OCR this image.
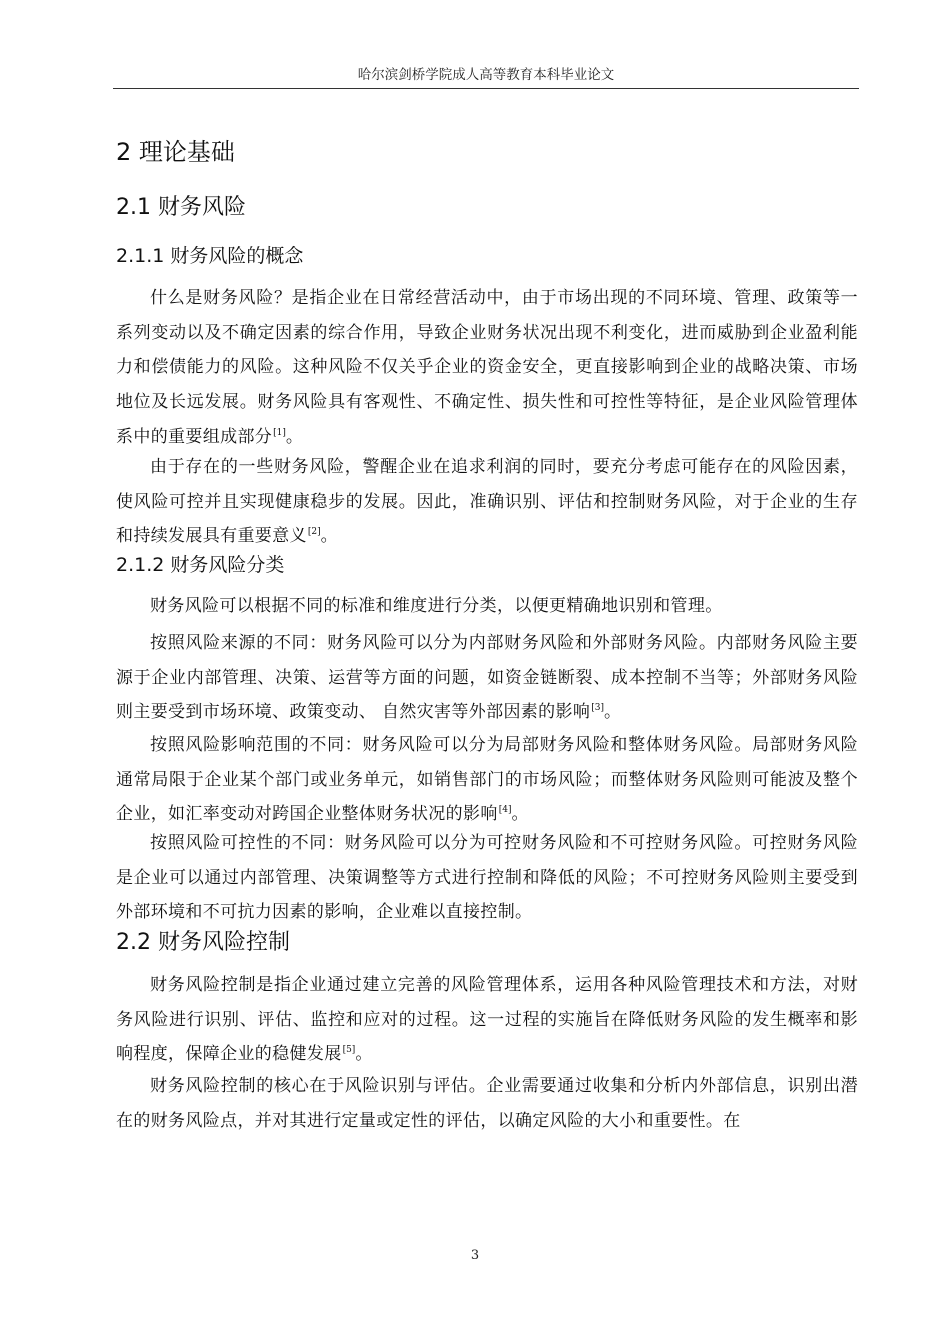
哈尔滨剑桥学院成人高等教育本科毕业论文
2 理论基础
2.1 财务风险
2.1.1 财务风险的概念
什么是财务风险？是指企业在日常经营活动中，由于市场出现的不同环境、管理、政策等一系列变动以及不确定因素的综合作用，导致企业财务状况出现不利变化，进而威胁到企业盈利能力和偿债能力的风险。这种风险不仅关乎企业的资金安全，更直接影响到企业的战略决策、市场地位及长远发展。财务风险具有客观性、不确定性、损失性和可控性等特征，是企业风险管理体系中的重要组成部分[1]。
由于存在的一些财务风险，警醒企业在追求利润的同时，要充分考虑可能存在的风险因素，使风险可控并且实现健康稳步的发展。因此，准确识别、评估和控制财务风险，对于企业的生存和持续发展具有重要意义[2]。
2.1.2 财务风险分类
财务风险可以根据不同的标准和维度进行分类，以便更精确地识别和管理。
按照风险来源的不同：财务风险可以分为内部财务风险和外部财务风险。内部财务风险主要源于企业内部管理、决策、运营等方面的问题，如资金链断裂、成本控制不当等；外部财务风险则主要受到市场环境、政策变动、 自然灾害等外部因素的影响[3]。
按照风险影响范围的不同：财务风险可以分为局部财务风险和整体财务风险。局部财务风险通常局限于企业某个部门或业务单元，如销售部门的市场风险；而整体财务风险则可能波及整个企业，如汇率变动对跨国企业整体财务状况的影响[4]。
按照风险可控性的不同：财务风险可以分为可控财务风险和不可控财务风险。可控财务风险是企业可以通过内部管理、决策调整等方式进行控制和降低的风险；不可控财务风险则主要受到外部环境和不可抗力因素的影响，企业难以直接控制。
2.2 财务风险控制
财务风险控制是指企业通过建立完善的风险管理体系，运用各种风险管理技术和方法，对财务风险进行识别、评估、监控和应对的过程。这一过程的实施旨在降低财务风险的发生概率和影响程度，保障企业的稳健发展[5]。
财务风险控制的核心在于风险识别与评估。企业需要通过收集和分析内外部信息，识别出潜在的财务风险点，并对其进行定量或定性的评估，以确定风险的大小和重要性。在
3
